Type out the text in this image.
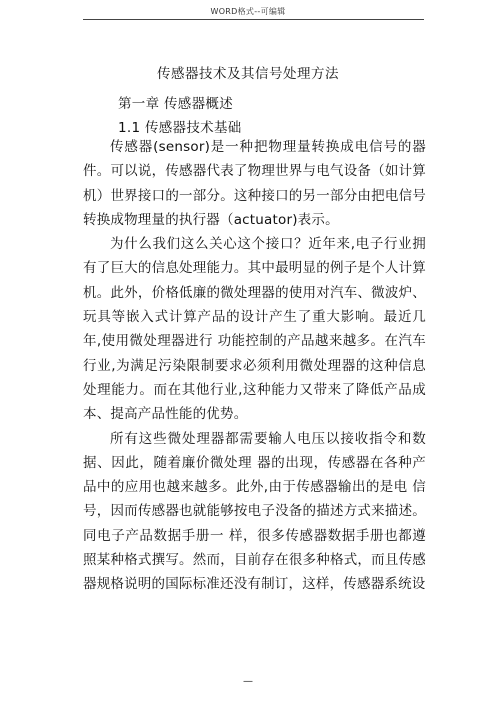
WORD格式--可编辑
传感器技术及其信号处理方法
第一章 传感器概述
1.1 传感器技术基础

传感器(sensor)是一种把物理量转换成电信号的器件。可以说，传感器代表了物理世界与电气设备（如计算机）世界接口的一部分。这种接口的另一部分由把电信号转换成物理量的执行器（actuator)表示。

为什么我们这么关心这个接口？近年来,电子行业拥有了巨大的信息处理能力。其中最明显的例子是个人计算机。此外，价格低廉的微处理器的使用对汽车、微波炉、玩具等嵌入式计算产品的设计产生了重大影响。最近几年,使用微处理器进行 功能控制的产品越来越多。在汽车行业,为满足污染限制要求必须利用微处理器的这种信息处理能力。而在其他行业,这种能力又带来了降低产品成本、提高产品性能的优势。

所有这些微处理器都需要输人电压以接收指令和数据、因此，随着廉价微处理 器的出现，传感器在各种产品中的应用也越来越多。此外,由于传感器输出的是电 信号，因而传感器也就能够按电子没备的描述方式来描述。同电子产品数据手册一 样，很多传感器数据手册也都遵照某种格式撰写。然而，目前存在很多种格式，而且传感器规格说明的国际标准还没有制订，这样，传感器系统设

—
